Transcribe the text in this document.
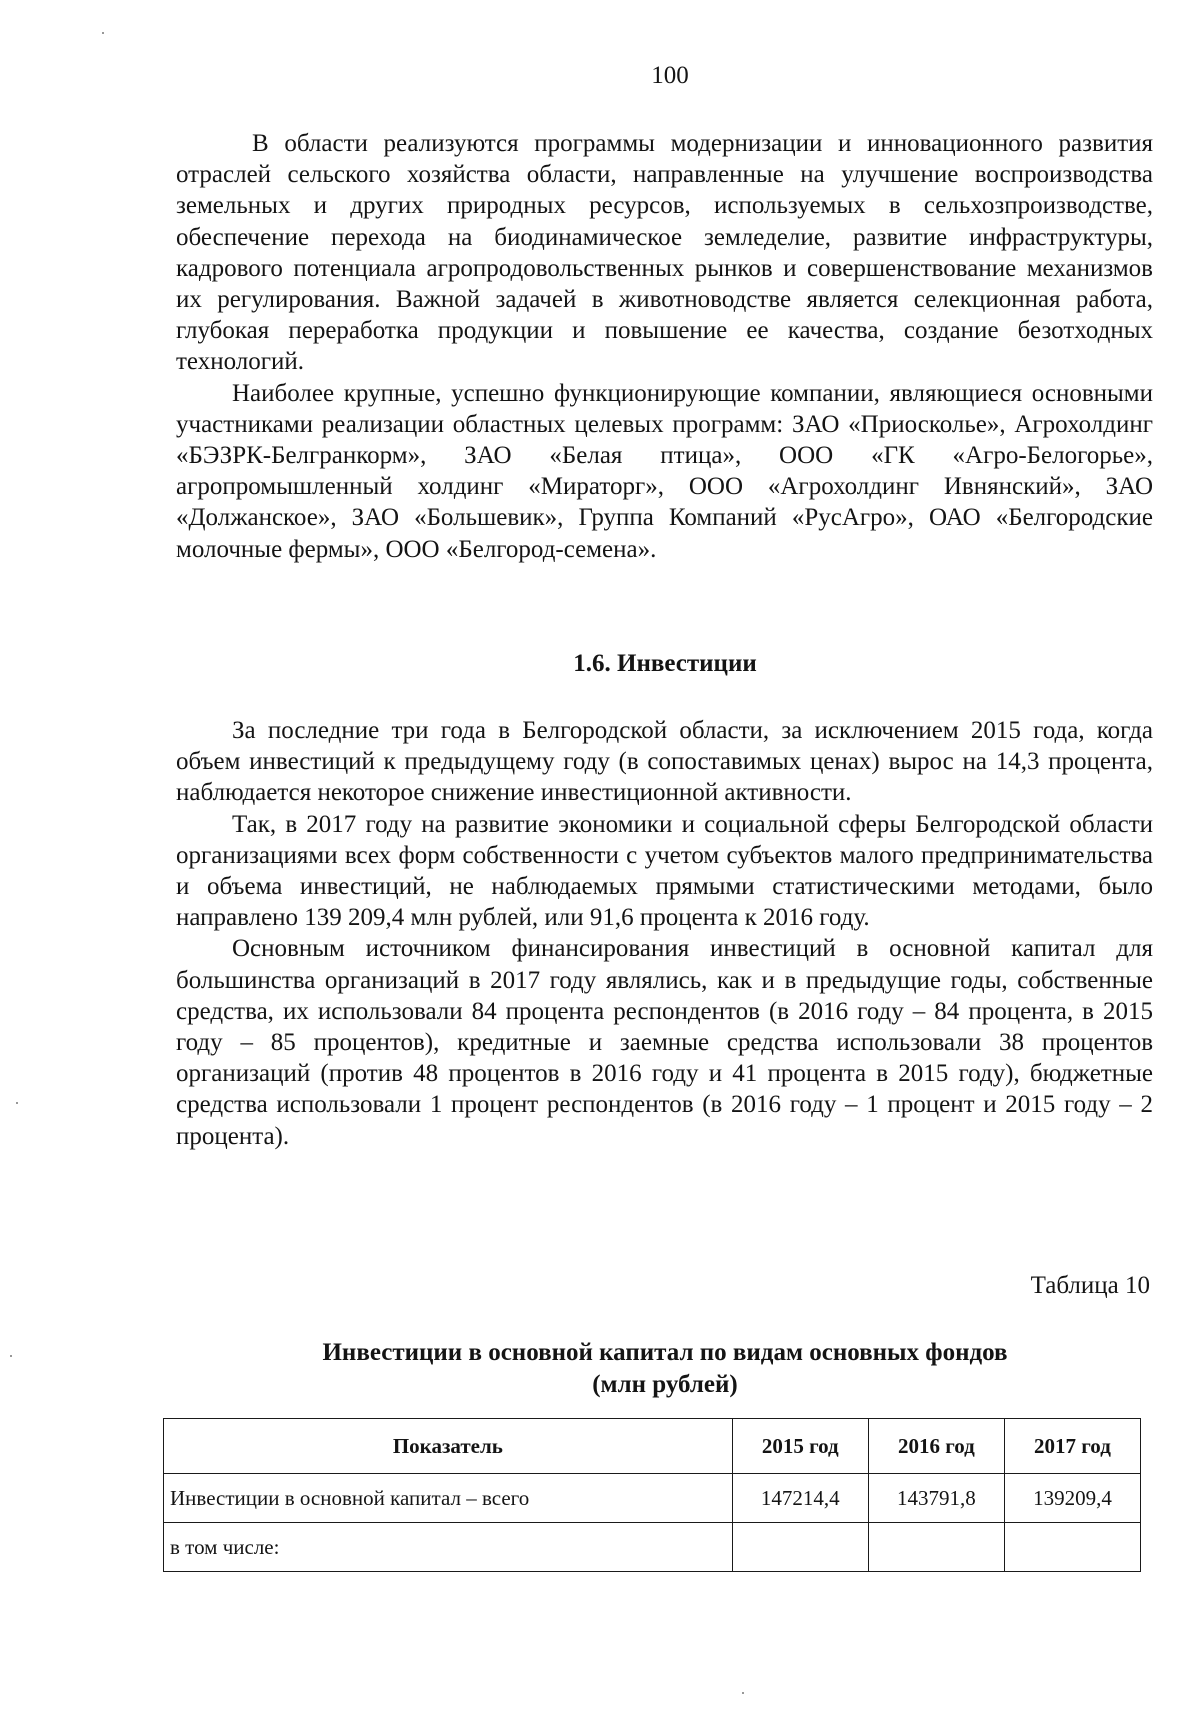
100

В области реализуются программы модернизации и инновационного развития отраслей сельского хозяйства области, направленные на улучшение воспроизводства земельных и других природных ресурсов, используемых в сельхозпроизводстве, обеспечение перехода на биодинамическое земледелие, развитие инфраструктуры, кадрового потенциала агропродовольственных рынков и совершенствование механизмов их регулирования. Важной задачей в животноводстве является селекционная работа, глубокая переработка продукции и повышение ее качества, создание безотходных технологий.

Наиболее крупные, успешно функционирующие компании, являющиеся основными участниками реализации областных целевых программ: ЗАО «Приосколье», Агрохолдинг «БЭЗРК-Белгранкорм», ЗАО «Белая птица», ООО «ГК «Агро-Белогорье», агропромышленный холдинг «Мираторг», ООО «Агрохолдинг Ивнянский», ЗАО «Должанское», ЗАО «Большевик», Группа Компаний «РусАгро», ОАО «Белгородские молочные фермы», ООО «Белгород-семена».

1.6. Инвестиции

За последние три года в Белгородской области, за исключением 2015 года, когда объем инвестиций к предыдущему году (в сопоставимых ценах) вырос на 14,3 процента, наблюдается некоторое снижение инвестиционной активности.

Так, в 2017 году на развитие экономики и социальной сферы Белгородской области организациями всех форм собственности с учетом субъектов малого предпринимательства и объема инвестиций, не наблюдаемых прямыми статистическими методами, было направлено 139 209,4 млн рублей, или 91,6 процента к 2016 году.

Основным источником финансирования инвестиций в основной капитал для большинства организаций в 2017 году являлись, как и в предыдущие годы, собственные средства, их использовали 84 процента респондентов (в 2016 году – 84 процента, в 2015 году – 85 процентов), кредитные и заемные средства использовали 38 процентов организаций (против 48 процентов в 2016 году и 41 процента в 2015 году), бюджетные средства использовали 1 процент респондентов (в 2016 году – 1 процент и 2015 году – 2 процента).

Таблица 10
Инвестиции в основной капитал по видам основных фондов
(млн рублей)
Показатель	2015 год	2016 год	2017 год
Инвестиции в основной капитал – всего	147214,4	143791,8	139209,4
в том числе:			
